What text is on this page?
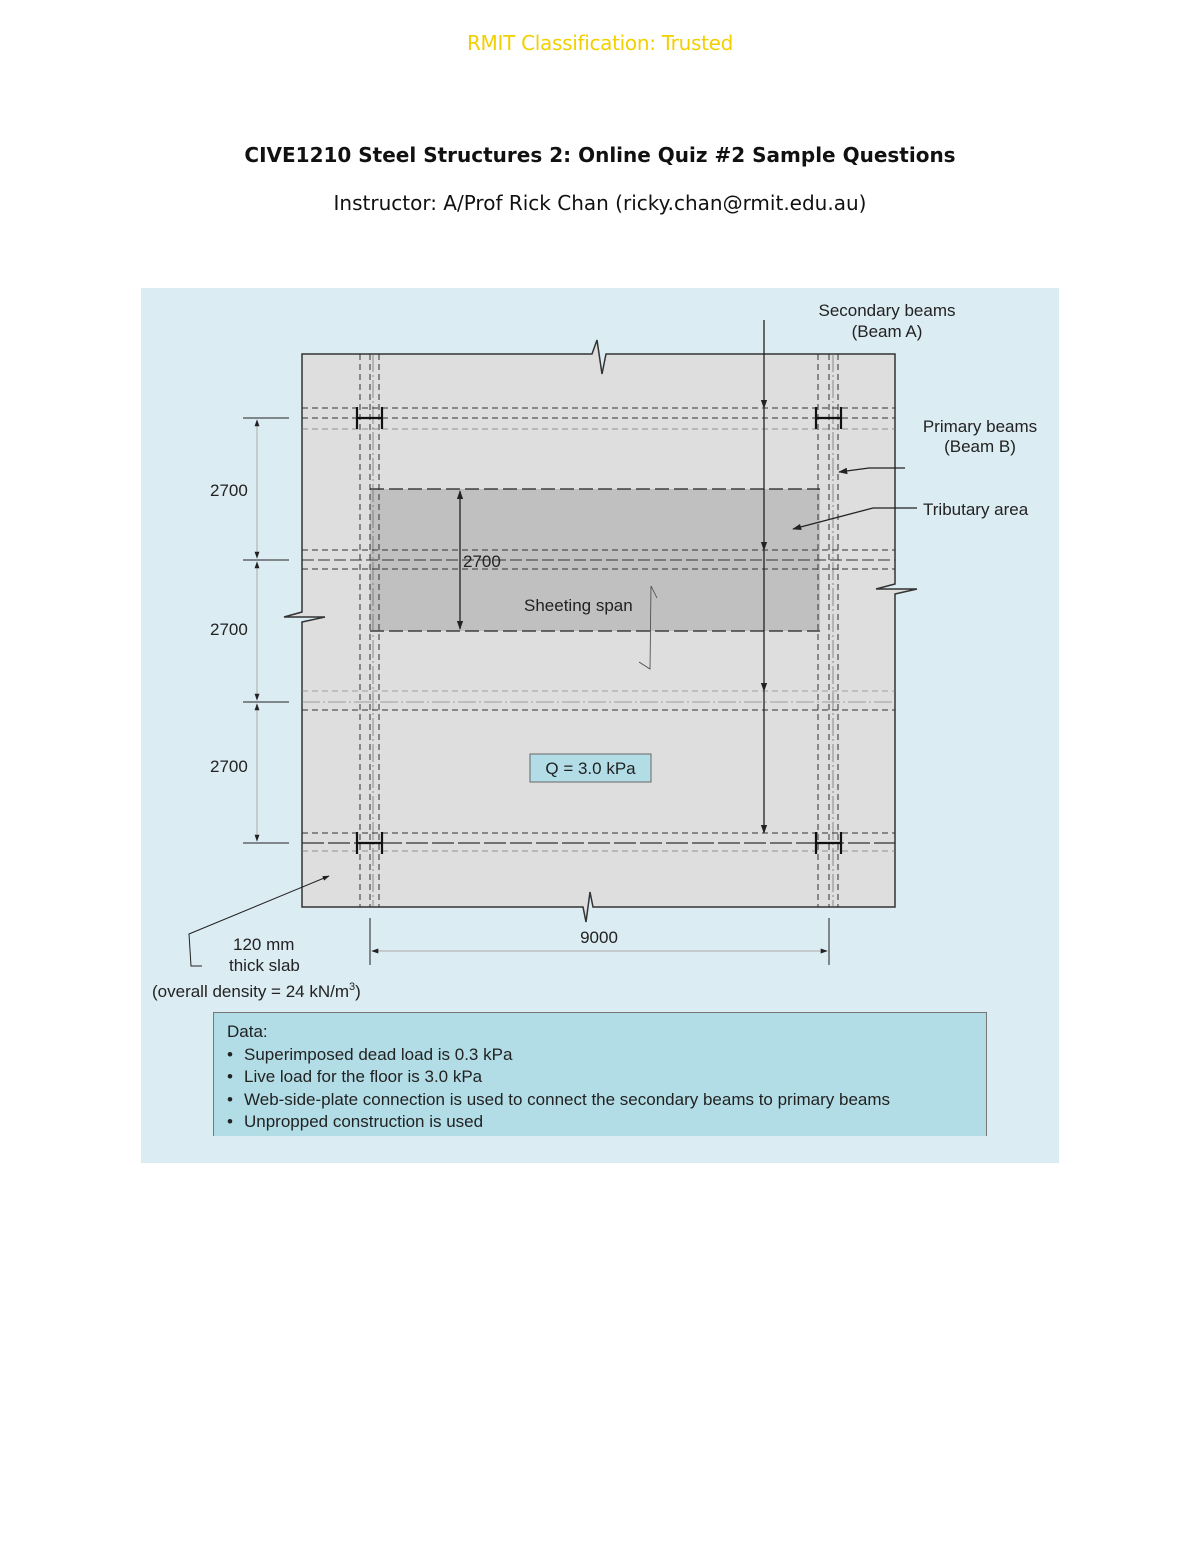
RMIT Classification: Trusted
CIVE1210 Steel Structures 2: Online Quiz #2 Sample Questions
Instructor: A/Prof Rick Chan (ricky.chan@rmit.edu.au)
2700
Sheeting span
Secondary beams
(Beam A)
Primary beams
(Beam B)
Tributary area
Q = 3.0 kPa
2700
2700
2700
9000
120 mm
thick slab
(overall density = 24 $kN/m^3$)
Data:
• Superimposed dead load is 0.3 kPa
• Live load for the floor is 3.0 kPa
• Web-side-plate connection is used to connect the secondary beams to primary beams
• Unpropped construction is used
